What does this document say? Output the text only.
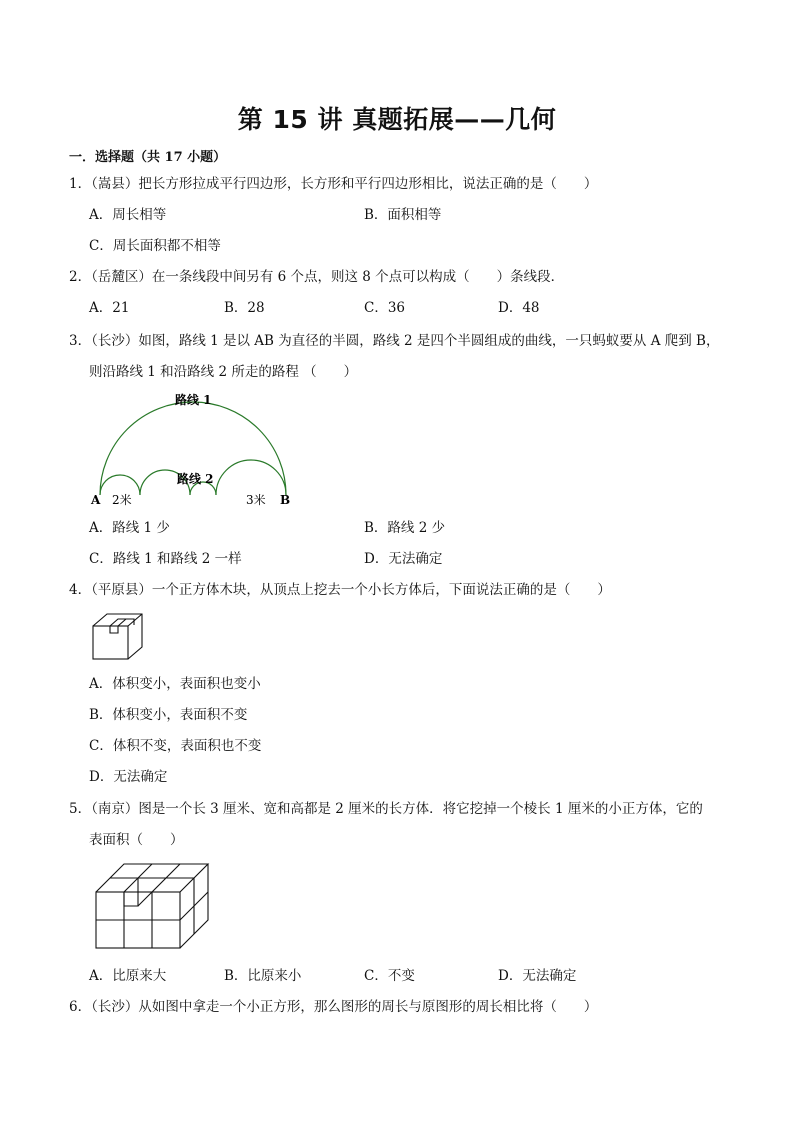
第 15 讲 真题拓展——几何
一．选择题（共 17 小题）
1．（嵩县）把长方形拉成平行四边形，长方形和平行四边形相比，说法正确的是（　　）
A．周长相等	B．面积相等
C．周长面积都不相等
2．（岳麓区）在一条线段中间另有 6 个点，则这 8 个点可以构成（　　）条线段．
A．21	B．28	C．36	D．48
3．（长沙）如图，路线 1 是以 AB 为直径的半圆，路线 2 是四个半圆组成的曲线，一只蚂蚁要从 A 爬到 B，
则沿路线 1 和沿路线 2 所走的路程 （　　）
路线 1
路线 2
A	B
2米	3米
A．路线 1 少	B．路线 2 少
C．路线 1 和路线 2 一样	D．无法确定
4．（平原县）一个正方体木块，从顶点上挖去一个小长方体后，下面说法正确的是（　　）
A．体积变小，表面积也变小
B．体积变小，表面积不变
C．体积不变，表面积也不变
D．无法确定
5．（南京）图是一个长 3 厘米、宽和高都是 2 厘米的长方体．将它挖掉一个棱长 1 厘米的小正方体，它的
表面积（　　）
A．比原来大	B．比原来小	C．不变	D．无法确定
6．（长沙）从如图中拿走一个小正方形，那么图形的周长与原图形的周长相比将（　　）
